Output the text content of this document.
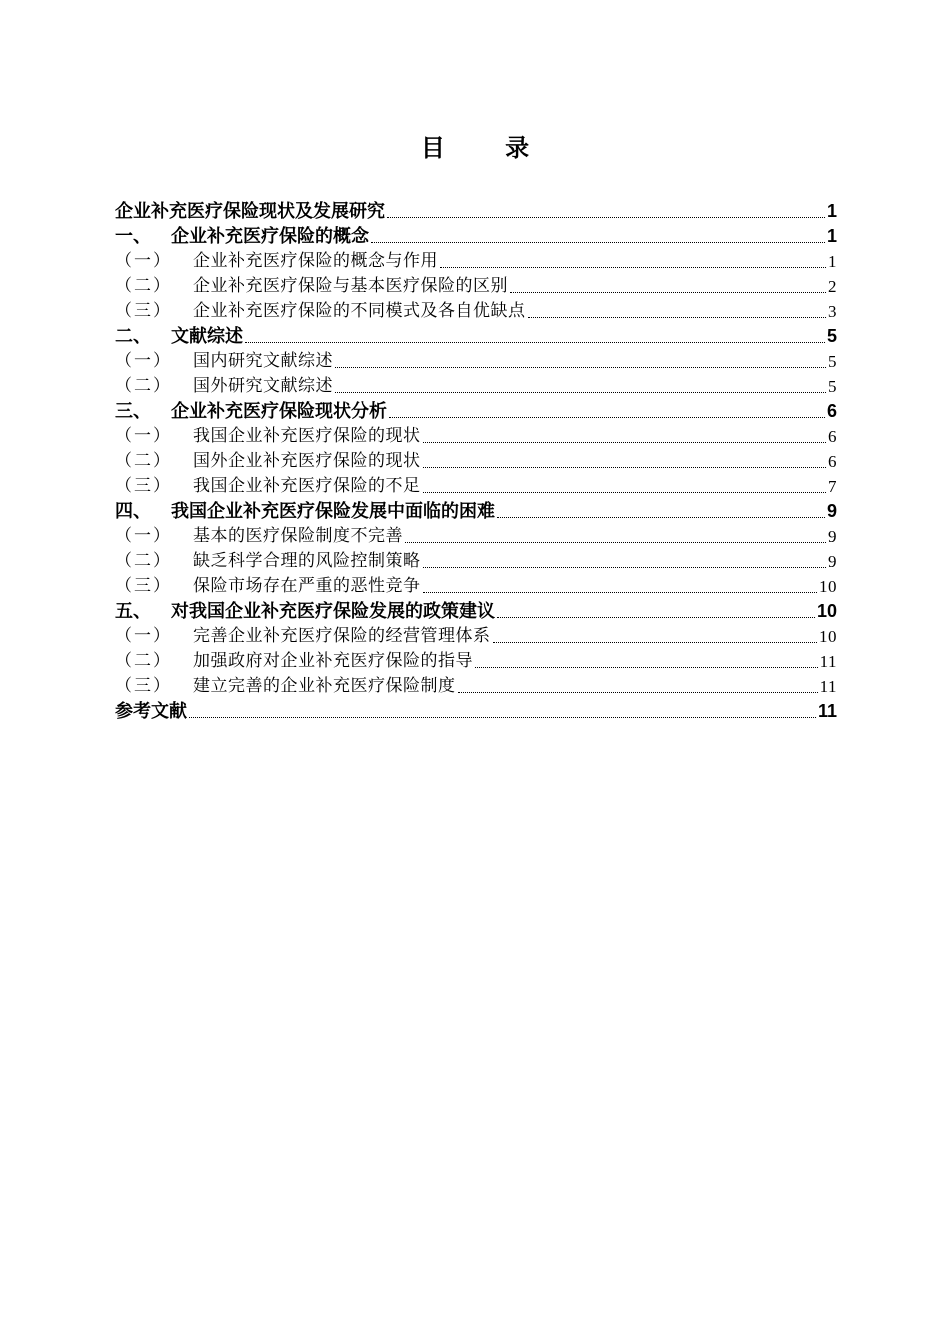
目 录
企业补充医疗保险现状及发展研究	1
一、	企业补充医疗保险的概念	1
（一）	企业补充医疗保险的概念与作用	1
（二）	企业补充医疗保险与基本医疗保险的区别	2
（三）	企业补充医疗保险的不同模式及各自优缺点	3
二、	文献综述	5
（一）	国内研究文献综述	5
（二）	国外研究文献综述	5
三、	企业补充医疗保险现状分析	6
（一）	我国企业补充医疗保险的现状	6
（二）	国外企业补充医疗保险的现状	6
（三）	我国企业补充医疗保险的不足	7
四、	我国企业补充医疗保险发展中面临的困难	9
（一）	基本的医疗保险制度不完善	9
（二）	缺乏科学合理的风险控制策略	9
（三）	保险市场存在严重的恶性竞争	10
五、	对我国企业补充医疗保险发展的政策建议	10
（一）	完善企业补充医疗保险的经营管理体系	10
（二）	加强政府对企业补充医疗保险的指导	11
（三）	建立完善的企业补充医疗保险制度	11
参考文献	11
